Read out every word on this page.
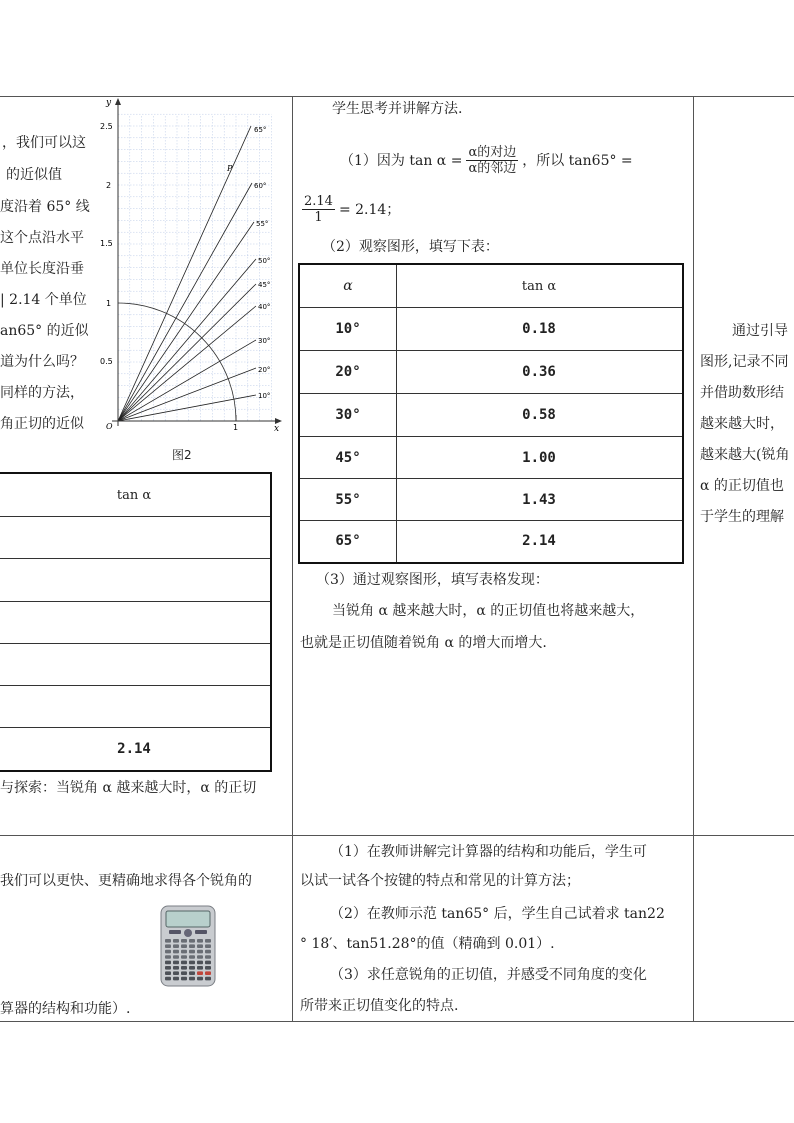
，我们可以这
的近似值
度沿着 65° 线
这个点沿水平
单位长度沿垂
| 2.14 个单位
an65° 的近似
道为什么吗？
同样的方法，
角正切的近似
y
x
O
2.5
2
1.5
1
0.5
1
P
65°
60°
55°
50°
45°
40°
30°
20°
10°
图2
tan α
2.14
与探索：当锐角 α 越来越大时，α 的正切
学生思考并讲解方法.
（1）因为 $\tan \alpha = \frac{\text{α的对边}}{\text{α的邻边}}$ ，所以 tan65° =
$\frac{2.14}{1} = 2.14$；
（2）观察图形，填写下表：
α	tan α
10°	0.18
20°	0.36
30°	0.58
45°	1.00
55°	1.43
65°	2.14
（3）通过观察图形，填写表格发现：
当锐角 α 越来越大时，α 的正切值也将越来越大，
也就是正切值随着锐角 α 的增大而增大.
通过引导
图形,记录不同
并借助数形结
越来越大时，
越来越大(锐角
α 的正切值也
于学生的理解
我们可以更快、更精确地求得各个锐角的
算器的结构和功能）.
（1）在教师讲解完计算器的结构和功能后，学生可
以试一试各个按键的特点和常见的计算方法；
（2）在教师示范 tan65° 后，学生自己试着求 tan22
° 18′、tan51.28°的值（精确到 0.01）.
（3）求任意锐角的正切值，并感受不同角度的变化
所带来正切值变化的特点.
